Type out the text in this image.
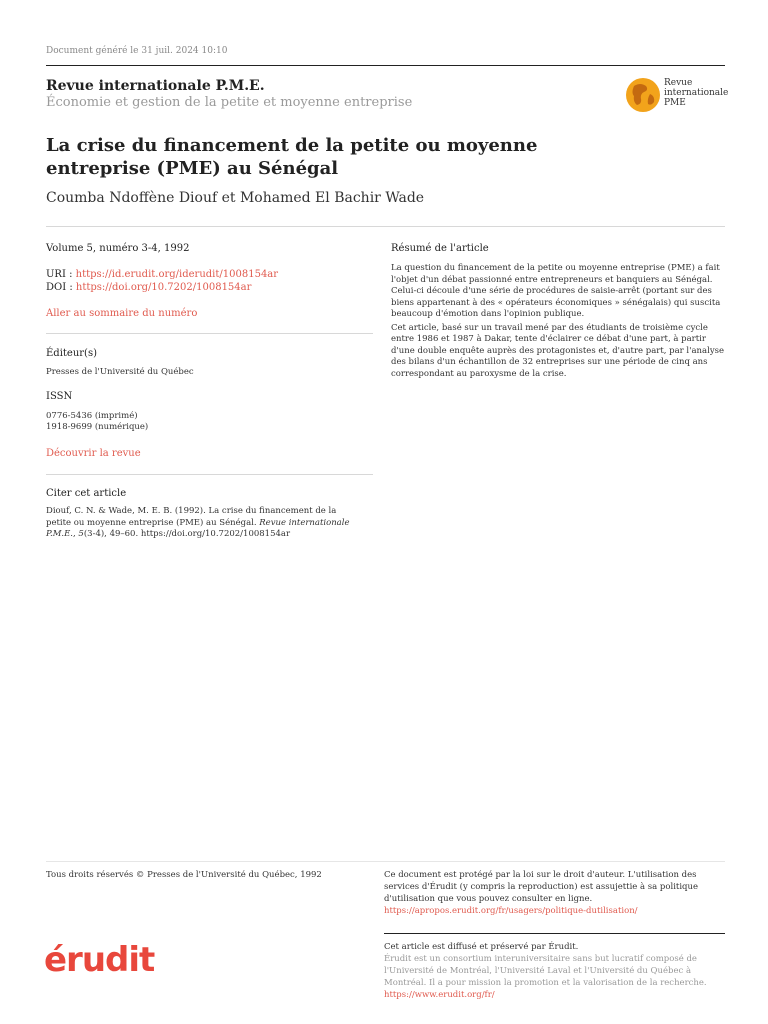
Document généré le 31 juil. 2024 10:10
Revue internationale P.M.E.
Économie et gestion de la petite et moyenne entreprise
Revue
internationale
PME
La crise du financement de la petite ou moyenne entreprise (PME) au Sénégal
Coumba Ndoffène Diouf et Mohamed El Bachir Wade
Volume 5, numéro 3-4, 1992
URI : https://id.erudit.org/iderudit/1008154ar
DOI : https://doi.org/10.7202/1008154ar
Aller au sommaire du numéro
Éditeur(s)
Presses de l'Université du Québec
ISSN
0776-5436 (imprimé)
1918-9699 (numérique)
Découvrir la revue
Citer cet article
Diouf, C. N. & Wade, M. E. B. (1992). La crise du financement de la petite ou moyenne entreprise (PME) au Sénégal. Revue internationale P.M.E., 5(3-4), 49–60. https://doi.org/10.7202/1008154ar
Résumé de l'article

La question du financement de la petite ou moyenne entreprise (PME) a fait l'objet d'un débat passionné entre entrepreneurs et banquiers au Sénégal. Celui-ci découle d'une série de procédures de saisie-arrêt (portant sur des biens appartenant à des « opérateurs économiques » sénégalais) qui suscita beaucoup d'émotion dans l'opinion publique.

Cet article, basé sur un travail mené par des étudiants de troisième cycle entre 1986 et 1987 à Dakar, tente d'éclairer ce débat d'une part, à partir d'une double enquête auprès des protagonistes et, d'autre part, par l'analyse des bilans d'un échantillon de 32 entreprises sur une période de cinq ans correspondant au paroxysme de la crise.

Tous droits réservés © Presses de l'Université du Québec, 1992	Ce document est protégé par la loi sur le droit d'auteur. L'utilisation des services d'Érudit (y compris la reproduction) est assujettie à sa politique d'utilisation que vous pouvez consulter en ligne.
https://apropos.erudit.org/fr/usagers/politique-dutilisation/
érudit	Cet article est diffusé et préservé par Érudit.
Érudit est un consortium interuniversitaire sans but lucratif composé de l'Université de Montréal, l'Université Laval et l'Université du Québec à Montréal. Il a pour mission la promotion et la valorisation de la recherche.
https://www.erudit.org/fr/
